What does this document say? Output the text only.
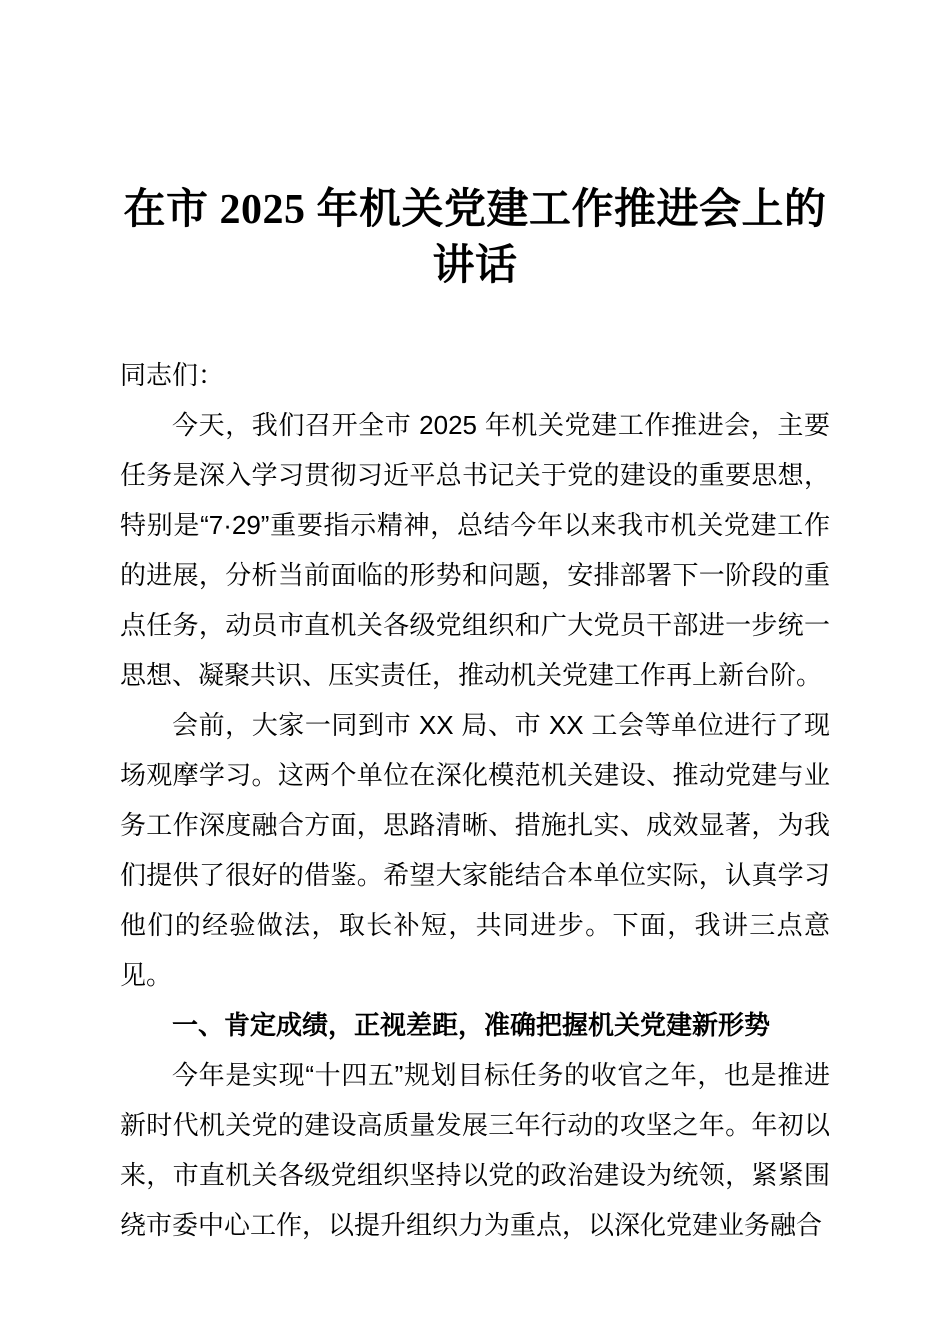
在市 2025 年机关党建工作推进会上的讲话

同志们：

今天，我们召开全市 2025 年机关党建工作推进会，主要任务是深入学习贯彻习近平总书记关于党的建设的重要思想，特别是“7·29”重要指示精神，总结今年以来我市机关党建工作的进展，分析当前面临的形势和问题，安排部署下一阶段的重点任务，动员市直机关各级党组织和广大党员干部进一步统一思想、凝聚共识、压实责任，推动机关党建工作再上新台阶。

会前，大家一同到市 XX 局、市 XX 工会等单位进行了现场观摩学习。这两个单位在深化模范机关建设、推动党建与业务工作深度融合方面，思路清晰、措施扎实、成效显著，为我们提供了很好的借鉴。希望大家能结合本单位实际，认真学习他们的经验做法，取长补短，共同进步。下面，我讲三点意见。

一、肯定成绩，正视差距，准确把握机关党建新形势

今年是实现“十四五”规划目标任务的收官之年，也是推进新时代机关党的建设高质量发展三年行动的攻坚之年。年初以来，市直机关各级党组织坚持以党的政治建设为统领，紧紧围绕市委中心工作，以提升组织力为重点，以深化党建业务融合
